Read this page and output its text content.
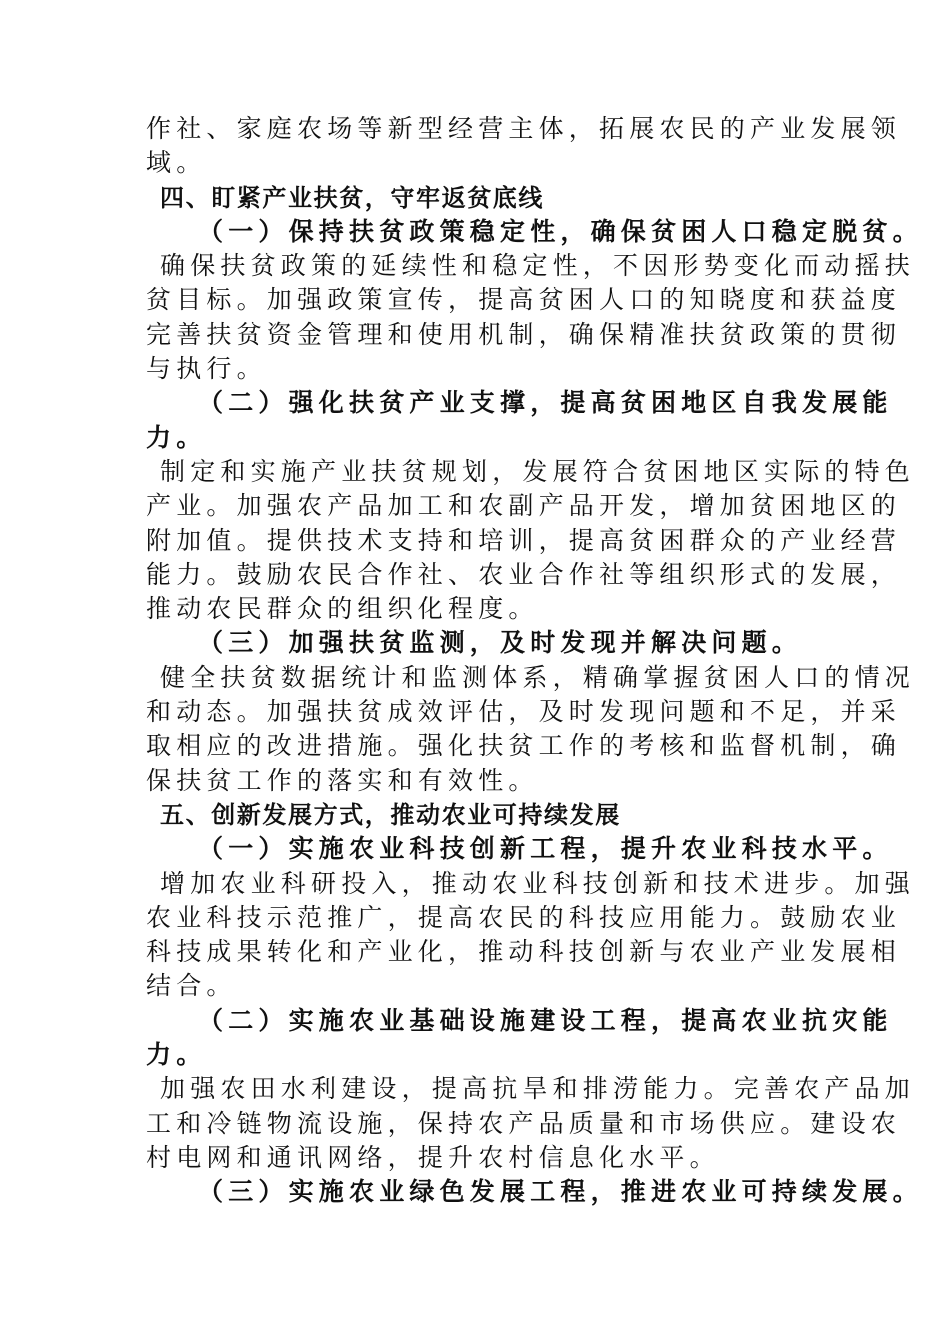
作社、家庭农场等新型经营主体，拓展农民的产业发展领

域。

四、盯紧产业扶贫，守牢返贫底线

（一）保持扶贫政策稳定性，确保贫困人口稳定脱贫。

确保扶贫政策的延续性和稳定性，不因形势变化而动摇扶

贫目标。加强政策宣传，提高贫困人口的知晓度和获益度

完善扶贫资金管理和使用机制，确保精准扶贫政策的贯彻

与执行。

（二）强化扶贫产业支撑，提高贫困地区自我发展能

力。

制定和实施产业扶贫规划，发展符合贫困地区实际的特色

产业。加强农产品加工和农副产品开发，增加贫困地区的

附加值。提供技术支持和培训，提高贫困群众的产业经营

能力。鼓励农民合作社、农业合作社等组织形式的发展，

推动农民群众的组织化程度。

（三）加强扶贫监测，及时发现并解决问题。

健全扶贫数据统计和监测体系，精确掌握贫困人口的情况

和动态。加强扶贫成效评估，及时发现问题和不足，并采

取相应的改进措施。强化扶贫工作的考核和监督机制，确

保扶贫工作的落实和有效性。

五、创新发展方式，推动农业可持续发展

（一）实施农业科技创新工程，提升农业科技水平。

增加农业科研投入，推动农业科技创新和技术进步。加强

农业科技示范推广，提高农民的科技应用能力。鼓励农业

科技成果转化和产业化，推动科技创新与农业产业发展相

结合。

（二）实施农业基础设施建设工程，提高农业抗灾能

力。

加强农田水利建设，提高抗旱和排涝能力。完善农产品加

工和冷链物流设施，保持农产品质量和市场供应。建设农

村电网和通讯网络，提升农村信息化水平。

（三）实施农业绿色发展工程，推进农业可持续发展。
